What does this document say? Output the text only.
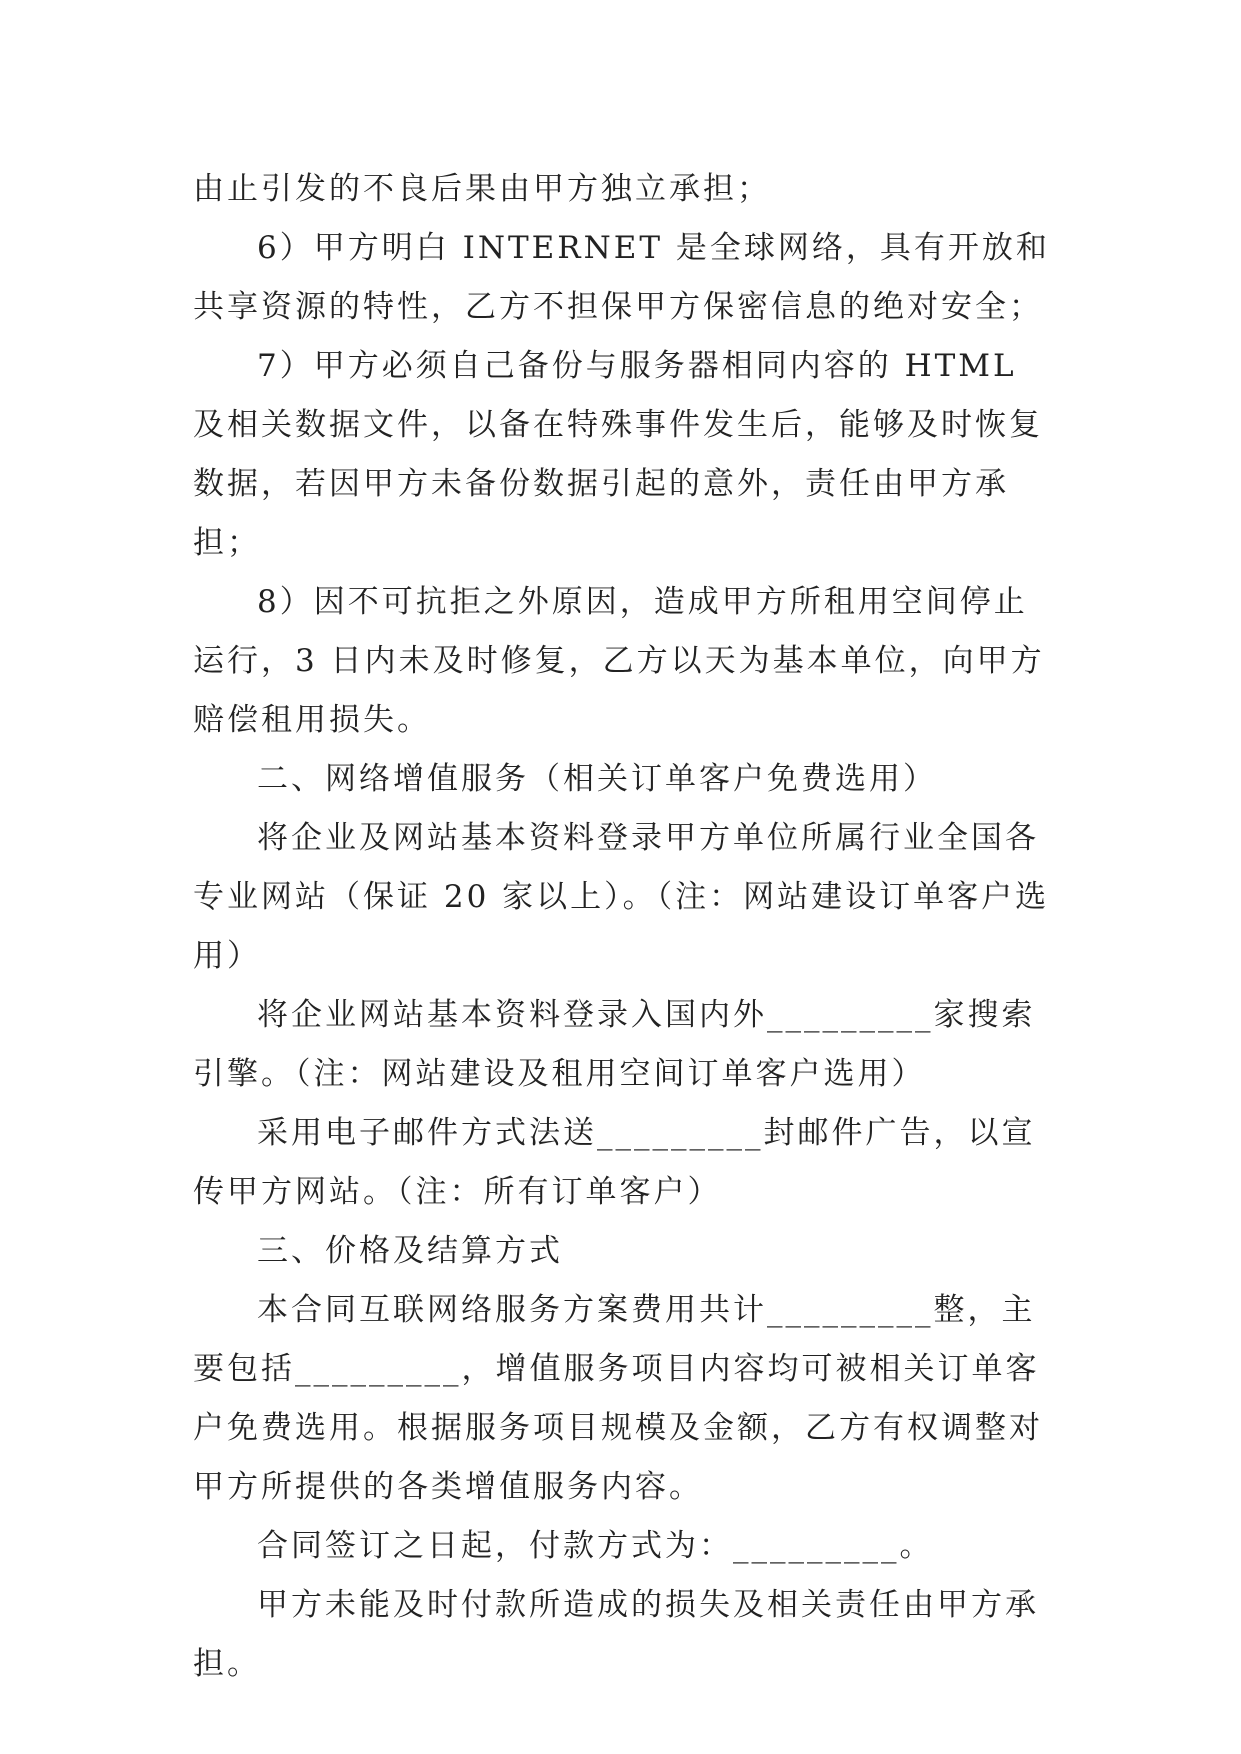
由止引发的不良后果由甲方独立承担；

6）甲方明白 INTERNET 是全球网络，具有开放和共享资源的特性，乙方不担保甲方保密信息的绝对安全；

7）甲方必须自己备份与服务器相同内容的 HTML 及相关数据文件，以备在特殊事件发生后，能够及时恢复数据，若因甲方未备份数据引起的意外，责任由甲方承担；

8）因不可抗拒之外原因，造成甲方所租用空间停止运行，3 日内未及时修复，乙方以天为基本单位，向甲方赔偿租用损失。

二、网络增值服务（相关订单客户免费选用）

将企业及网站基本资料登录甲方单位所属行业全国各专业网站（保证 20 家以上）。（注：网站建设订单客户选用）

将企业网站基本资料登录入国内外_________家搜索引擎。（注：网站建设及租用空间订单客户选用）

采用电子邮件方式法送_________封邮件广告，以宣传甲方网站。（注：所有订单客户）

三、价格及结算方式

本合同互联网络服务方案费用共计_________整，主要包括_________，增值服务项目内容均可被相关订单客户免费选用。根据服务项目规模及金额，乙方有权调整对甲方所提供的各类增值服务内容。

合同签订之日起，付款方式为：_________。

甲方未能及时付款所造成的损失及相关责任由甲方承担。
